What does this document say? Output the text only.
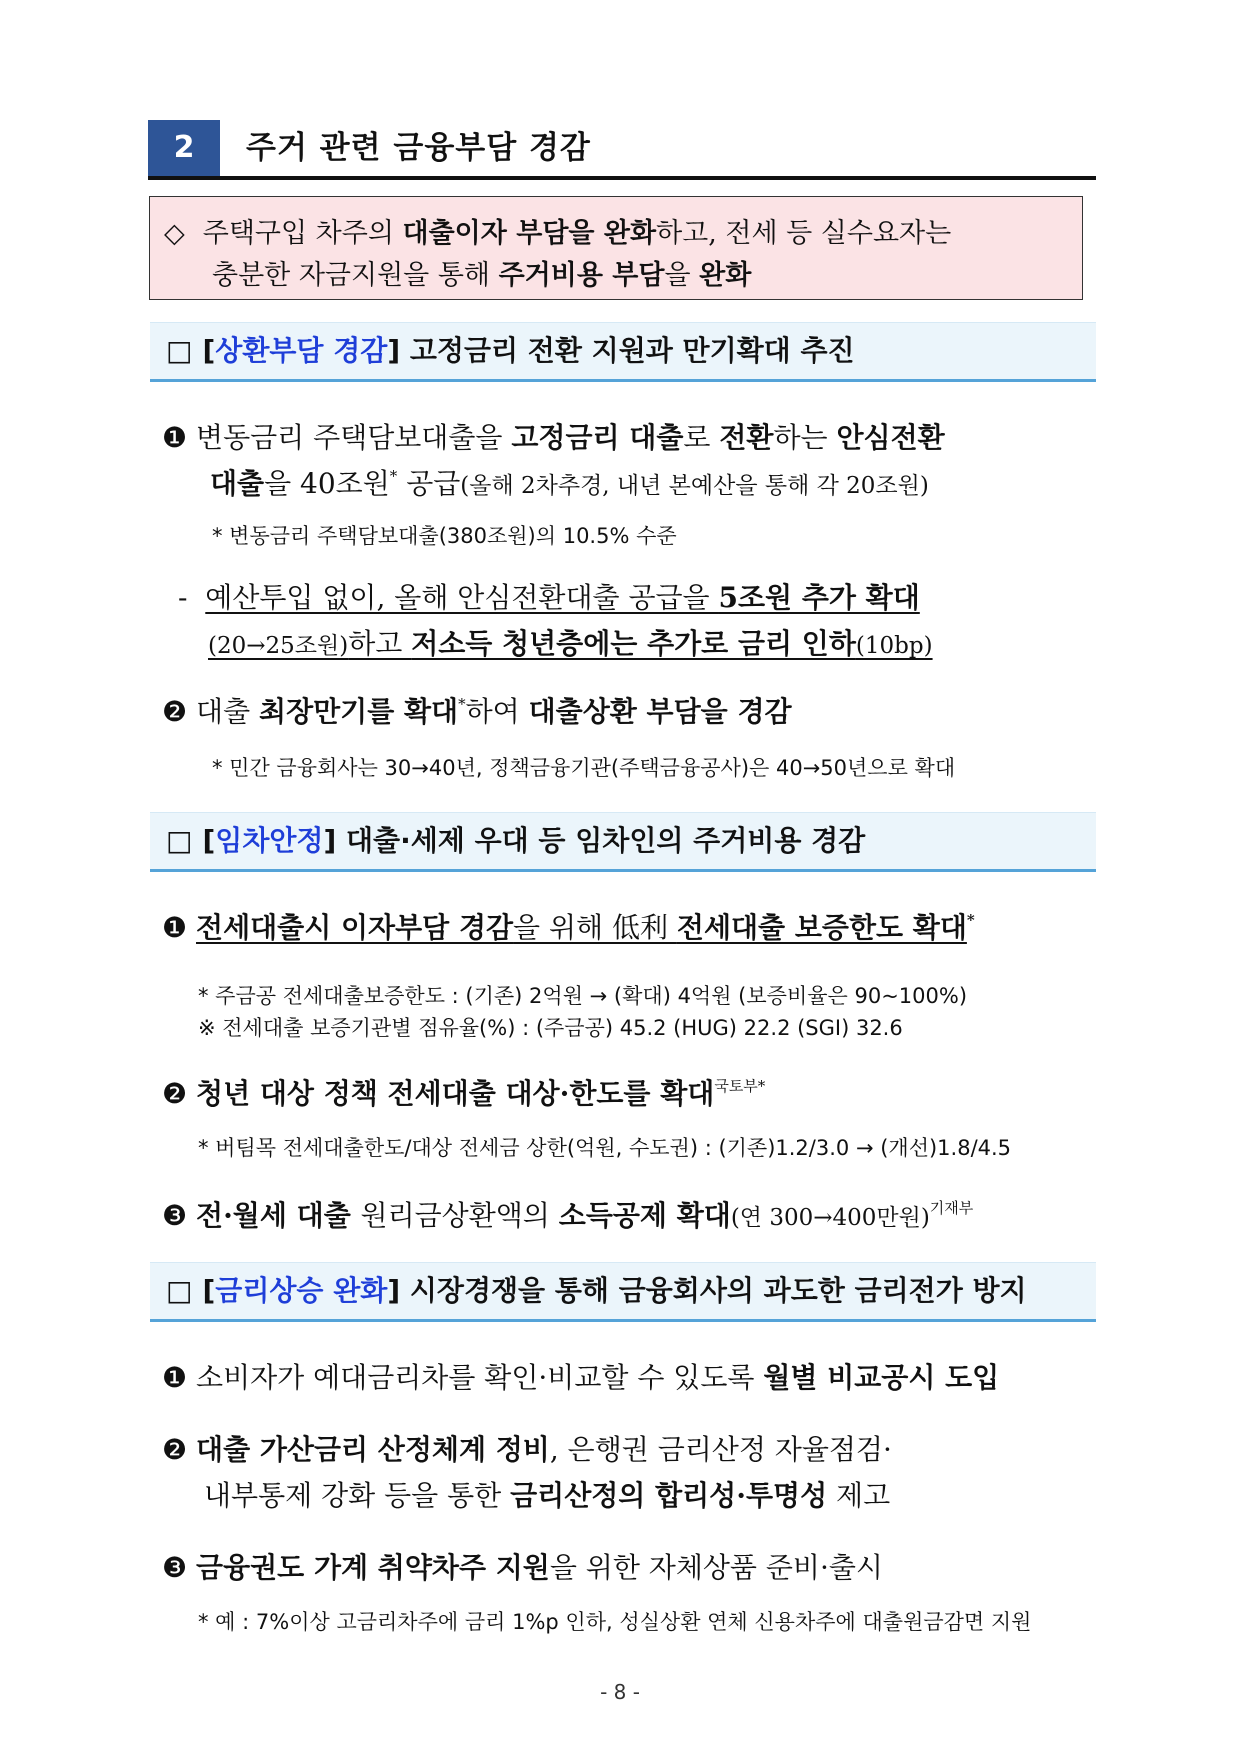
2	주거 관련 금융부담 경감
◇ 주택구입 차주의 대출이자 부담을 완화하고, 전세 등 실수요자는
충분한 자금지원을 통해 주거비용 부담을 완화
□ [상환부담 경감] 고정금리 전환 지원과 만기확대 추진
❶ 변동금리 주택담보대출을 고정금리 대출로 전환하는 안심전환
대출을 40조원* 공급(올해 2차추경, 내년 본예산을 통해 각 20조원)
* 변동금리 주택담보대출(380조원)의 10.5% 수준
- 예산투입 없이, 올해 안심전환대출 공급을 5조원 추가 확대
(20→25조원)하고 저소득 청년층에는 추가로 금리 인하(10bp)
❷ 대출 최장만기를 확대*하여 대출상환 부담을 경감
* 민간 금융회사는 30→40년, 정책금융기관(주택금융공사)은 40→50년으로 확대
□ [임차안정] 대출·세제 우대 등 임차인의 주거비용 경감
❶ 전세대출시 이자부담 경감을 위해 低利 전세대출 보증한도 확대*
* 주금공 전세대출보증한도 : (기존) 2억원 → (확대) 4억원 (보증비율은 90~100%)
※ 전세대출 보증기관별 점유율(%) : (주금공) 45.2 (HUG) 22.2 (SGI) 32.6
❷ 청년 대상 정책 전세대출 대상·한도를 확대$^{국토부*}$
* 버팀목 전세대출한도/대상 전세금 상한(억원, 수도권) : (기존)1.2/3.0 → (개선)1.8/4.5
❸ 전·월세 대출 원리금상환액의 소득공제 확대(연 300→400만원)$^{기재부}$
□ [금리상승 완화] 시장경쟁을 통해 금융회사의 과도한 금리전가 방지
❶ 소비자가 예대금리차를 확인·비교할 수 있도록 월별 비교공시 도입
❷ 대출 가산금리 산정체계 정비, 은행권 금리산정 자율점검·
내부통제 강화 등을 통한 금리산정의 합리성·투명성 제고
❸ 금융권도 가계 취약차주 지원을 위한 자체상품 준비·출시
* 예 : 7%이상 고금리차주에 금리 1%p 인하, 성실상환 연체 신용차주에 대출원금감면 지원
- 8 -
